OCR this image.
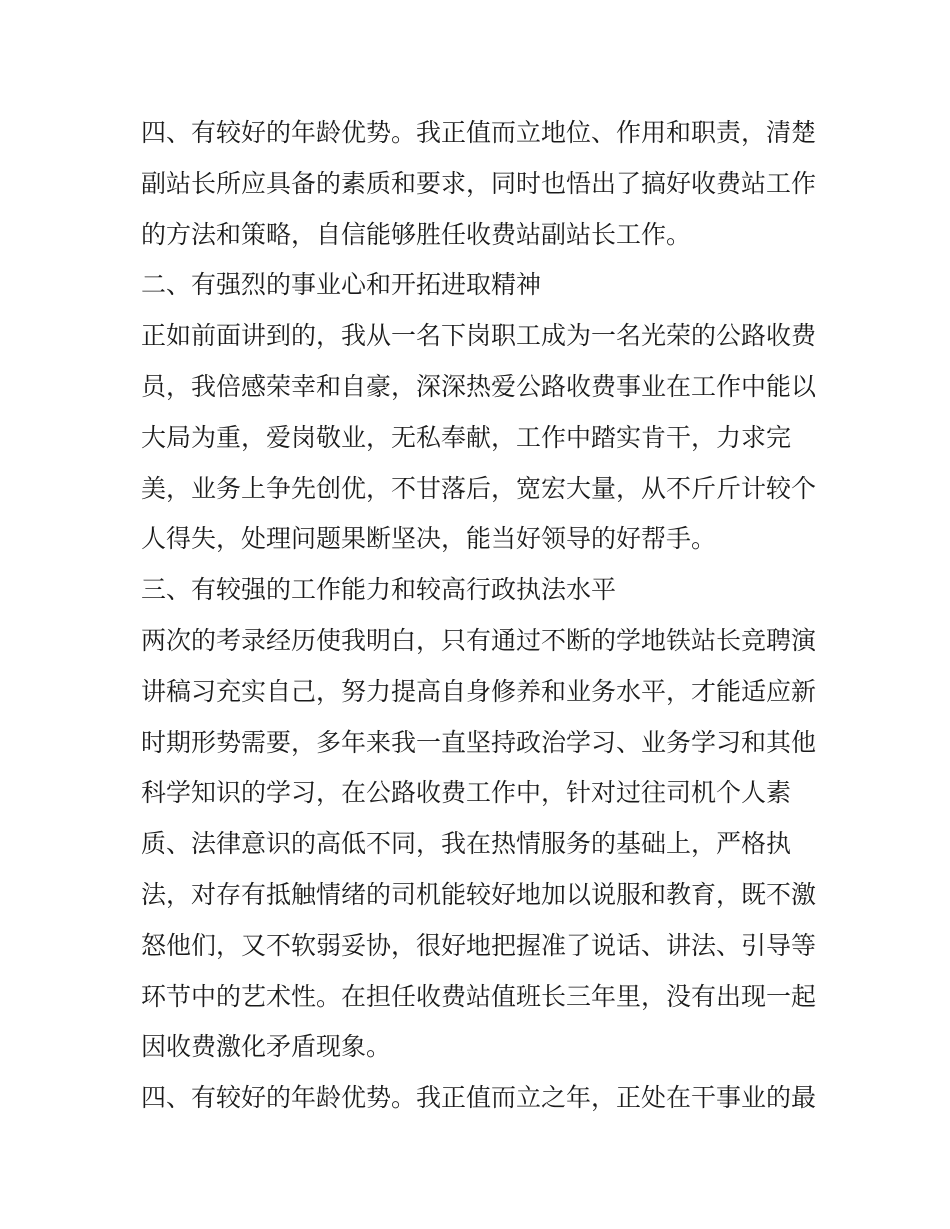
四、有较好的年龄优势。我正值而立地位、作用和职责，清楚
副站长所应具备的素质和要求，同时也悟出了搞好收费站工作
的方法和策略，自信能够胜任收费站副站长工作。
二、有强烈的事业心和开拓进取精神
正如前面讲到的，我从一名下岗职工成为一名光荣的公路收费
员，我倍感荣幸和自豪，深深热爱公路收费事业在工作中能以
大局为重，爱岗敬业，无私奉献，工作中踏实肯干，力求完
美，业务上争先创优，不甘落后，宽宏大量，从不斤斤计较个
人得失，处理问题果断坚决，能当好领导的好帮手。
三、有较强的工作能力和较高行政执法水平
两次的考录经历使我明白，只有通过不断的学地铁站长竞聘演
讲稿习充实自己，努力提高自身修养和业务水平，才能适应新
时期形势需要，多年来我一直坚持政治学习、业务学习和其他
科学知识的学习，在公路收费工作中，针对过往司机个人素
质、法律意识的高低不同，我在热情服务的基础上，严格执
法，对存有抵触情绪的司机能较好地加以说服和教育，既不激
怒他们，又不软弱妥协，很好地把握准了说话、讲法、引导等
环节中的艺术性。在担任收费站值班长三年里，没有出现一起
因收费激化矛盾现象。
四、有较好的年龄优势。我正值而立之年，正处在干事业的最
